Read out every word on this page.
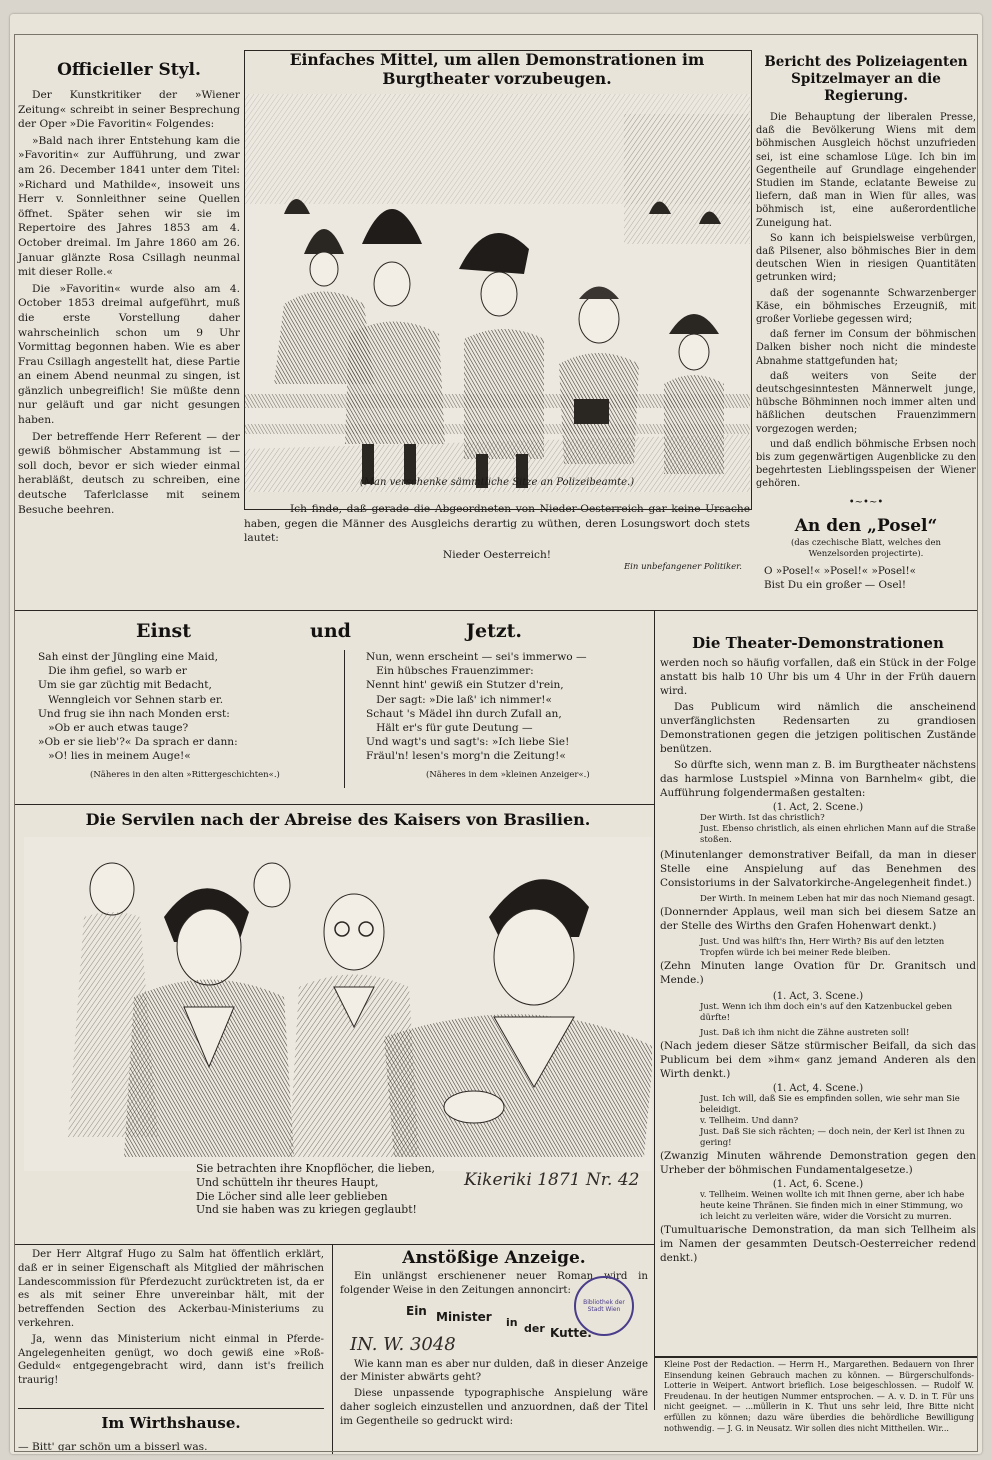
Officieller Styl.

Der Kunstkritiker der »Wiener Zeitung« schreibt in seiner Besprechung der Oper »Die Favoritin« Folgendes:

»Bald nach ihrer Entstehung kam die »Favoritin« zur Aufführung, und zwar am 26. December 1841 unter dem Titel: »Richard und Mathilde«, insoweit uns Herr v. Sonnleithner seine Quellen öffnet. Später sehen wir sie im Repertoire des Jahres 1853 am 4. October dreimal. Im Jahre 1860 am 26. Januar glänzte Rosa Csillagh neunmal mit dieser Rolle.«

Die »Favoritin« wurde also am 4. October 1853 dreimal aufgeführt, muß die erste Vorstellung daher wahrscheinlich schon um 9 Uhr Vormittag begonnen haben. Wie es aber Frau Csillagh angestellt hat, diese Partie an einem Abend neunmal zu singen, ist gänzlich unbegreiflich! Sie müßte denn nur geläuft und gar nicht gesungen haben.

Der betreffende Herr Referent — der gewiß böhmischer Abstammung ist — soll doch, bevor er sich wieder einmal herabläßt, deutsch zu schreiben, eine deutsche Taferlclasse mit seinem Besuche beehren.

Einfaches Mittel, um allen Demonstrationen im Burgtheater vorzubeugen.
(Man verschenke sämmtliche Sitze an Polizeibeamte.)
Ich finde, daß gerade die Abgeordneten von Nieder-Oesterreich gar keine Ursache haben, gegen die Männer des Ausgleichs derartig zu wüthen, deren Losungswort doch stets lautet:
Nieder Oesterreich!
Ein unbefangener Politiker.
Bericht des Polizeiagenten Spitzelmayer an die Regierung.

Die Behauptung der liberalen Presse, daß die Bevölkerung Wiens mit dem böhmischen Ausgleich höchst unzufrieden sei, ist eine schamlose Lüge. Ich bin im Gegentheile auf Grundlage eingehender Studien im Stande, eclatante Beweise zu liefern, daß man in Wien für alles, was böhmisch ist, eine außerordentliche Zuneigung hat.

So kann ich beispielsweise verbürgen, daß Pilsener, also böhmisches Bier in dem deutschen Wien in riesigen Quantitäten getrunken wird;

daß der sogenannte Schwarzenberger Käse, ein böhmisches Erzeugniß, mit großer Vorliebe gegessen wird;

daß ferner im Consum der böhmischen Dalken bisher noch nicht die mindeste Abnahme stattgefunden hat;

daß weiters von Seite der deutschgesinntesten Männerwelt junge, hübsche Böhminnen noch immer alten und häßlichen deutschen Frauenzimmern vorgezogen werden;

und daß endlich böhmische Erbsen noch bis zum gegenwärtigen Augenblicke zu den begehrtesten Lieblingsspeisen der Wiener gehören.

•~•~•
An den „Posel“
(das czechische Blatt, welches den Wenzelsorden projectirte).
O »Posel!« »Posel!« »Posel!«
Bist Du ein großer — Osel!
Einst	und	Jetzt.
Sah einst der Jüngling eine Maid,
Die ihm gefiel, so warb er
Um sie gar züchtig mit Bedacht,
Wenngleich vor Sehnen starb er.
Und frug sie ihn nach Monden erst:
»Ob er auch etwas tauge?
»Ob er sie lieb'?« Da sprach er dann:
»O! lies in meinem Auge!«
(Näheres in den alten »Rittergeschichten«.)
Nun, wenn erscheint — sei's immerwo —
Ein hübsches Frauenzimmer:
Nennt hint' gewiß ein Stutzer d'rein,
Der sagt: »Die laß' ich nimmer!«
Schaut 's Mädel ihn durch Zufall an,
Hält er's für gute Deutung —
Und wagt's und sagt's: »Ich liebe Sie!
Fräul'n! lesen's morg'n die Zeitung!«
(Näheres in dem »kleinen Anzeiger«.)
Die Servilen nach der Abreise des Kaisers von Brasilien.
Sie betrachten ihre Knopflöcher, die lieben,
Und schütteln ihr theures Haupt,
Die Löcher sind alle leer geblieben
Und sie haben was zu kriegen geglaubt!
Kikeriki 1871 Nr. 42
Die Theater-Demonstrationen

werden noch so häufig vorfallen, daß ein Stück in der Folge anstatt bis halb 10 Uhr bis um 4 Uhr in der Früh dauern wird.

Das Publicum wird nämlich die anscheinend unverfänglichsten Redensarten zu grandiosen Demonstrationen gegen die jetzigen politischen Zustände benützen.

So dürfte sich, wenn man z. B. im Burgtheater nächstens das harmlose Lustspiel »Minna von Barnhelm« gibt, die Aufführung folgendermaßen gestalten:

(1. Act, 2. Scene.)
Der Wirth. Ist das christlich?
Just. Ebenso christlich, als einen ehrlichen Mann auf die Straße stoßen.
(Minutenlanger demonstrativer Beifall, da man in dieser Stelle eine Anspielung auf das Benehmen des Consistoriums in der Salvatorkirche-Angelegenheit findet.)
Der Wirth. In meinem Leben hat mir das noch Niemand gesagt.
(Donnernder Applaus, weil man sich bei diesem Satze an der Stelle des Wirths den Grafen Hohenwart denkt.)
Just. Und was hilft's Ihn, Herr Wirth? Bis auf den letzten Tropfen würde ich bei meiner Rede bleiben.
(Zehn Minuten lange Ovation für Dr. Granitsch und Mende.)
(1. Act, 3. Scene.)
Just. Wenn ich ihm doch ein's auf den Katzenbuckel geben dürfte!
Just. Daß ich ihm nicht die Zähne austreten soll!
(Nach jedem dieser Sätze stürmischer Beifall, da sich das Publicum bei dem »ihm« ganz jemand Anderen als den Wirth denkt.)
(1. Act, 4. Scene.)
Just. Ich will, daß Sie es empfinden sollen, wie sehr man Sie beleidigt.
v. Tellheim. Und dann?
Just. Daß Sie sich rächten; — doch nein, der Kerl ist Ihnen zu gering!
(Zwanzig Minuten währende Demonstration gegen den Urheber der böhmischen Fundamentalgesetze.)
(1. Act, 6. Scene.)
v. Tellheim. Weinen wollte ich mit Ihnen gerne, aber ich habe heute keine Thränen. Sie finden mich in einer Stimmung, wo ich leicht zu verleiten wäre, wider die Vorsicht zu murren.
(Tumultuarische Demonstration, da man sich Tellheim als im Namen der gesammten Deutsch-Oesterreicher redend denkt.)
Kleine Post der Redaction. — Herrn H., Margarethen. Bedauern von Ihrer Einsendung keinen Gebrauch machen zu können. — Bürgerschulfonds-Lotterie in Weipert. Antwort brieflich. Lose beigeschlossen. — Rudolf W. Freudenau. In der heutigen Nummer entsprochen. — A. v. D. in T. Für uns nicht geeignet. — ...müllerin in K. Thut uns sehr leid, Ihre Bitte nicht erfüllen zu können; dazu wäre überdies die behördliche Bewilligung nothwendig. — J. G. in Neusatz. Wir sollen dies nicht Mittheilen. Wir...

Der Herr Altgraf Hugo zu Salm hat öffentlich erklärt, daß er in seiner Eigenschaft als Mitglied der mährischen Landescommission für Pferdezucht zurücktreten ist, da er es als mit seiner Ehre unvereinbar hält, mit der betreffenden Section des Ackerbau-Ministeriums zu verkehren.

Ja, wenn das Ministerium nicht einmal in Pferde-Angelegenheiten genügt, wo doch gewiß eine »Roß-Geduld« entgegengebracht wird, dann ist's freilich traurig!

Im Wirthshause.
— Bitt' gar schön um a bisserl was.
Anstößige Anzeige.
Ein unlängst erschienener neuer Roman wird in folgender Weise in den Zeitungen annoncirt:
Ein Minister in der Kutte.
IN. W. 3048
Bibliothek der Stadt Wien
Wie kann man es aber nur dulden, daß in dieser Anzeige der Minister abwärts geht?
Diese unpassende typographische Anspielung wäre daher sogleich einzustellen und anzuordnen, daß der Titel im Gegentheile so gedruckt wird:
